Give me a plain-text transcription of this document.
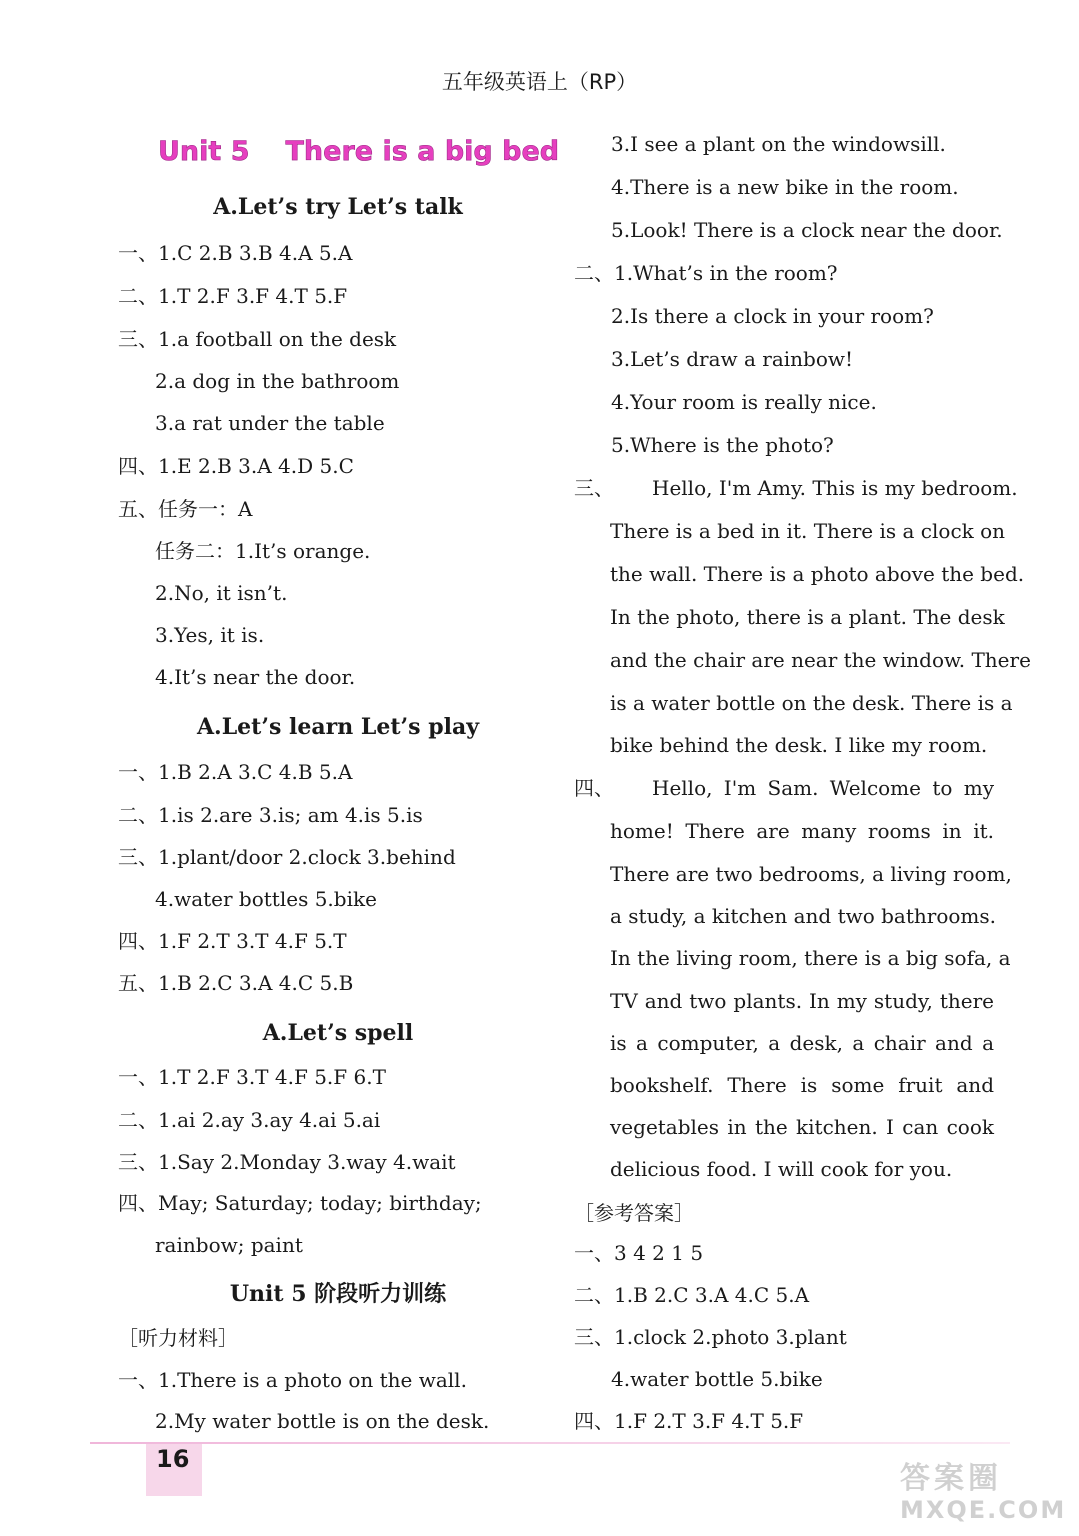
五年级英语上（RP）
Unit 5 There is a big bed
A.Let’s try Let’s talk
一、1.C 2.B 3.B 4.A 5.A
二、1.T 2.F 3.F 4.T 5.F
三、1.a football on the desk
2.a dog in the bathroom
3.a rat under the table
四、1.E 2.B 3.A 4.D 5.C
五、任务一：A
任务二：1.It’s orange.
2.No, it isn’t.
3.Yes, it is.
4.It’s near the door.
A.Let’s learn Let’s play
一、1.B 2.A 3.C 4.B 5.A
二、1.is 2.are 3.is; am 4.is 5.is
三、1.plant/door 2.clock 3.behind
4.water bottles 5.bike
四、1.F 2.T 3.T 4.F 5.T
五、1.B 2.C 3.A 4.C 5.B
A.Let’s spell
一、1.T 2.F 3.T 4.F 5.F 6.T
二、1.ai 2.ay 3.ay 4.ai 5.ai
三、1.Say 2.Monday 3.way 4.wait
四、May; Saturday; today; birthday;
rainbow; paint
Unit 5 阶段听力训练
［听力材料］
一、1.There is a photo on the wall.
2.My water bottle is on the desk.
3.I see a plant on the windowsill.
4.There is a new bike in the room.
5.Look! There is a clock near the door.
二、1.What’s in the room?
2.Is there a clock in your room?
3.Let’s draw a rainbow!
4.Your room is really nice.
5.Where is the photo?
三、 Hello, I'm Amy. This is my bedroom.
There is a bed in it. There is a clock on
the wall. There is a photo above the bed.
In the photo, there is a plant. The desk
and the chair are near the window. There
is a water bottle on the desk. There is a
bike behind the desk. I like my room.
四、 Hello, I'm Sam. Welcome to my
home! There are many rooms in it.
There are two bedrooms, a living room,
a study, a kitchen and two bathrooms.
In the living room, there is a big sofa, a
TV and two plants. In my study, there
is a computer, a desk, a chair and a
bookshelf. There is some fruit and
vegetables in the kitchen. I can cook
delicious food. I will cook for you.
［参考答案］
一、3 4 2 1 5
二、1.B 2.C 3.A 4.C 5.A
三、1.clock 2.photo 3.plant
4.water bottle 5.bike
四、1.F 2.T 3.F 4.T 5.F
16
答案圈
MXQE.COM
